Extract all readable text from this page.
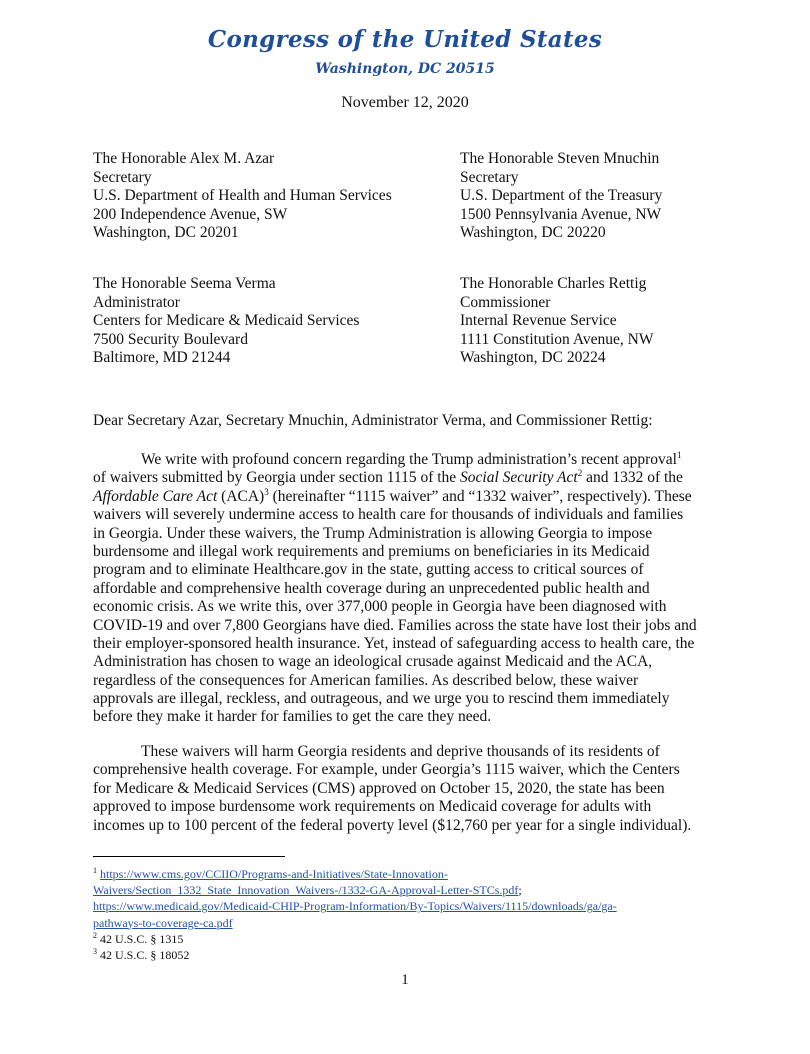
Congress of the United States
Washington, DC 20515
November 12, 2020
The Honorable Alex M. Azar
Secretary
U.S. Department of Health and Human Services
200 Independence Avenue, SW
Washington, DC 20201
The Honorable Steven Mnuchin
Secretary
U.S. Department of the Treasury
1500 Pennsylvania Avenue, NW
Washington, DC 20220
The Honorable Seema Verma
Administrator
Centers for Medicare & Medicaid Services
7500 Security Boulevard
Baltimore, MD 21244
The Honorable Charles Rettig
Commissioner
Internal Revenue Service
1111 Constitution Avenue, NW
Washington, DC 20224
Dear Secretary Azar, Secretary Mnuchin, Administrator Verma, and Commissioner Rettig:
We write with profound concern regarding the Trump administration’s recent approval$^1$
of waivers submitted by Georgia under section 1115 of the Social Security Act$^2$ and 1332 of the
Affordable Care Act (ACA)$^3$ (hereinafter “1115 waiver” and “1332 waiver”, respectively). These
waivers will severely undermine access to health care for thousands of individuals and families
in Georgia. Under these waivers, the Trump Administration is allowing Georgia to impose
burdensome and illegal work requirements and premiums on beneficiaries in its Medicaid
program and to eliminate Healthcare.gov in the state, gutting access to critical sources of
affordable and comprehensive health coverage during an unprecedented public health and
economic crisis. As we write this, over 377,000 people in Georgia have been diagnosed with
COVID-19 and over 7,800 Georgians have died. Families across the state have lost their jobs and
their employer-sponsored health insurance. Yet, instead of safeguarding access to health care, the
Administration has chosen to wage an ideological crusade against Medicaid and the ACA,
regardless of the consequences for American families. As described below, these waiver
approvals are illegal, reckless, and outrageous, and we urge you to rescind them immediately
before they make it harder for families to get the care they need.
These waivers will harm Georgia residents and deprive thousands of its residents of
comprehensive health coverage. For example, under Georgia’s 1115 waiver, which the Centers
for Medicare & Medicaid Services (CMS) approved on October 15, 2020, the state has been
approved to impose burdensome work requirements on Medicaid coverage for adults with
incomes up to 100 percent of the federal poverty level ($12,760 per year for a single individual).
$^1$ https://www.cms.gov/CCIIO/Programs-and-Initiatives/State-Innovation-
Waivers/Section_1332_State_Innovation_Waivers-/1332-GA-Approval-Letter-STCs.pdf;
https://www.medicaid.gov/Medicaid-CHIP-Program-Information/By-Topics/Waivers/1115/downloads/ga/ga-
pathways-to-coverage-ca.pdf
$^2$ 42 U.S.C. § 1315
$^3$ 42 U.S.C. § 18052
1
